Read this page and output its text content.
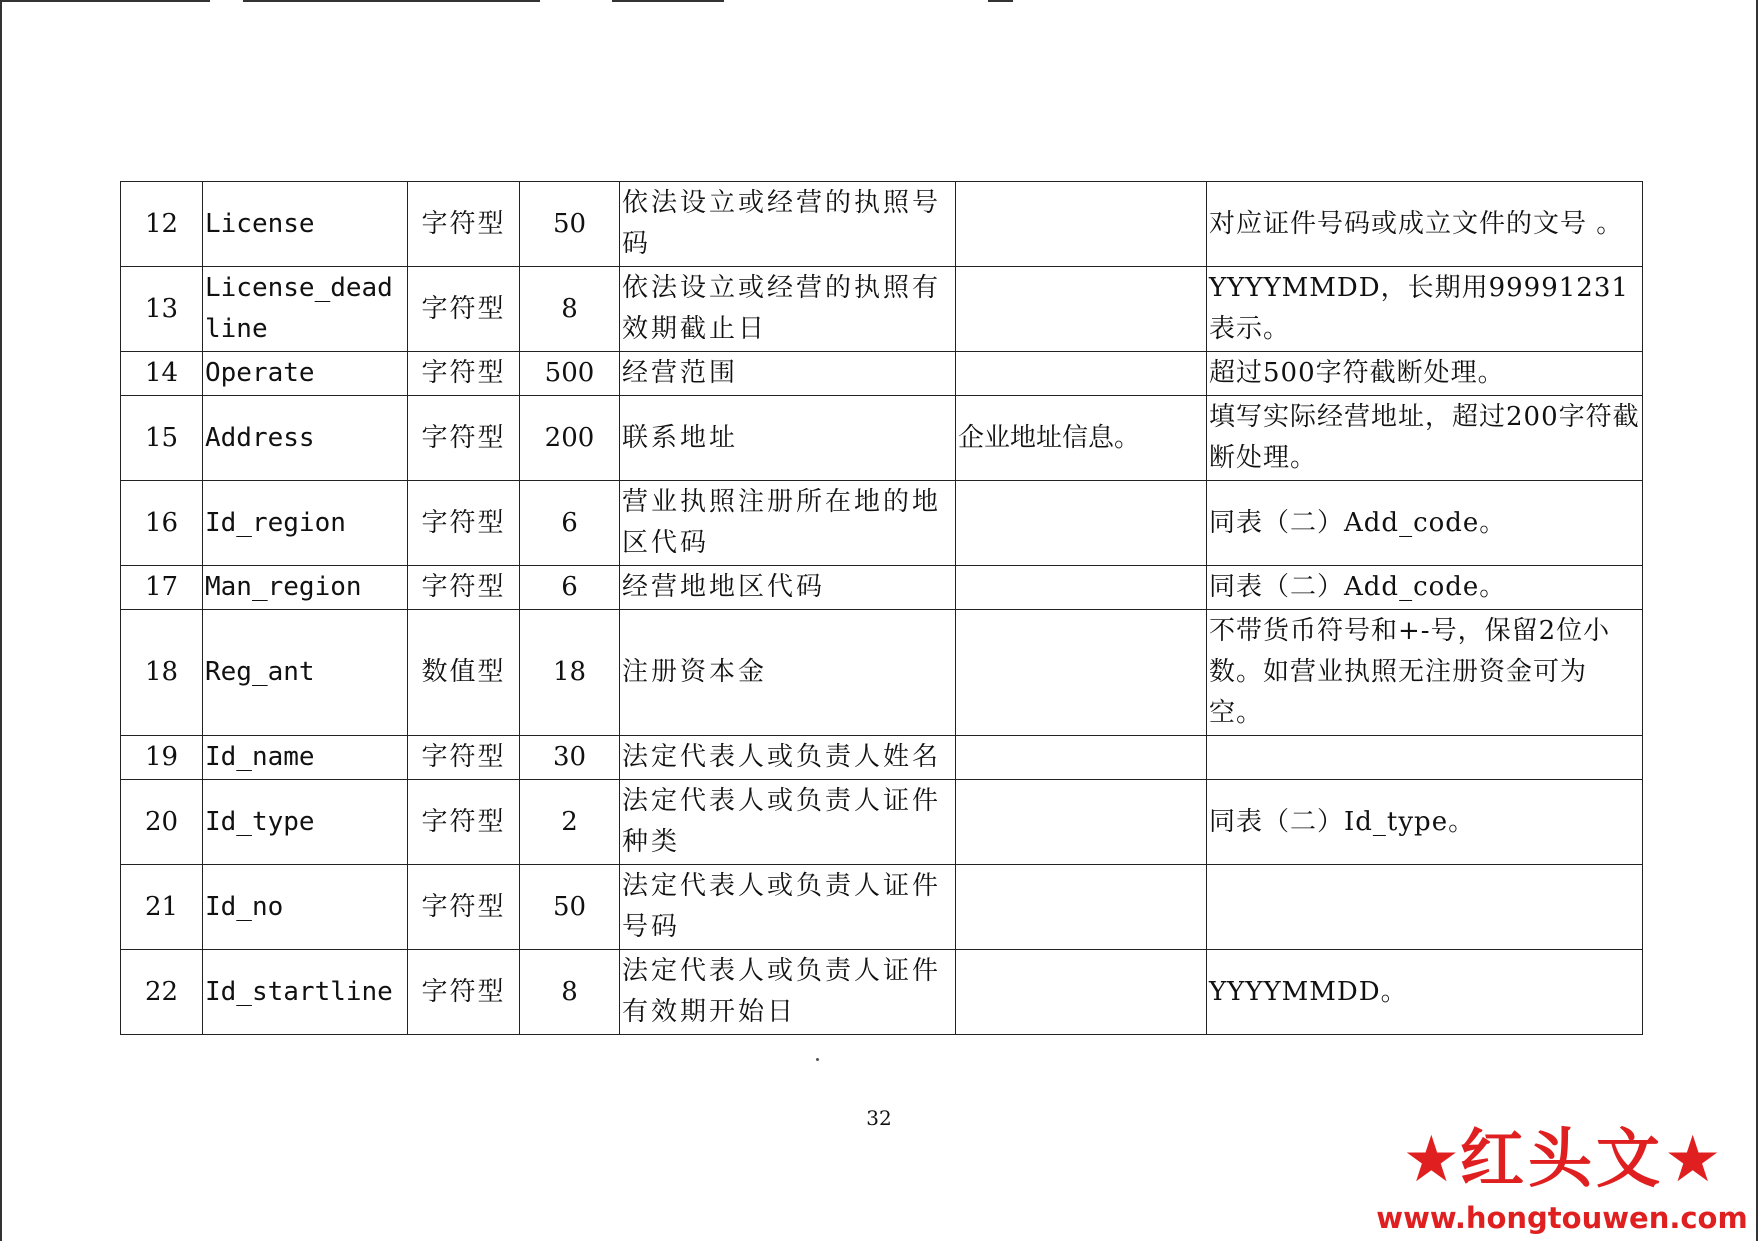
12	License	字符型	50	依法设立或经营的执照号码		对应证件号码或成立文件的文号 。
13	License_deadline	字符型	8	依法设立或经营的执照有效期截止日		YYYYMMDD，长期用99991231表示。
14	Operate	字符型	500	经营范围		超过500字符截断处理。
15	Address	字符型	200	联系地址	企业地址信息。	填写实际经营地址，超过200字符截断处理。
16	Id_region	字符型	6	营业执照注册所在地的地区代码		同表（二）Add_code。
17	Man_region	字符型	6	经营地地区代码		同表（二）Add_code。
18	Reg_ant	数值型	18	注册资本金		不带货币符号和+-号，保留2位小数。如营业执照无注册资金可为空。
19	Id_name	字符型	30	法定代表人或负责人姓名		
20	Id_type	字符型	2	法定代表人或负责人证件种类		同表（二）Id_type。
21	Id_no	字符型	50	法定代表人或负责人证件号码		
22	Id_startline	字符型	8	法定代表人或负责人证件有效期开始日		YYYYMMDD。
32
★ 红头文 ★
www.hongtouwen.com
